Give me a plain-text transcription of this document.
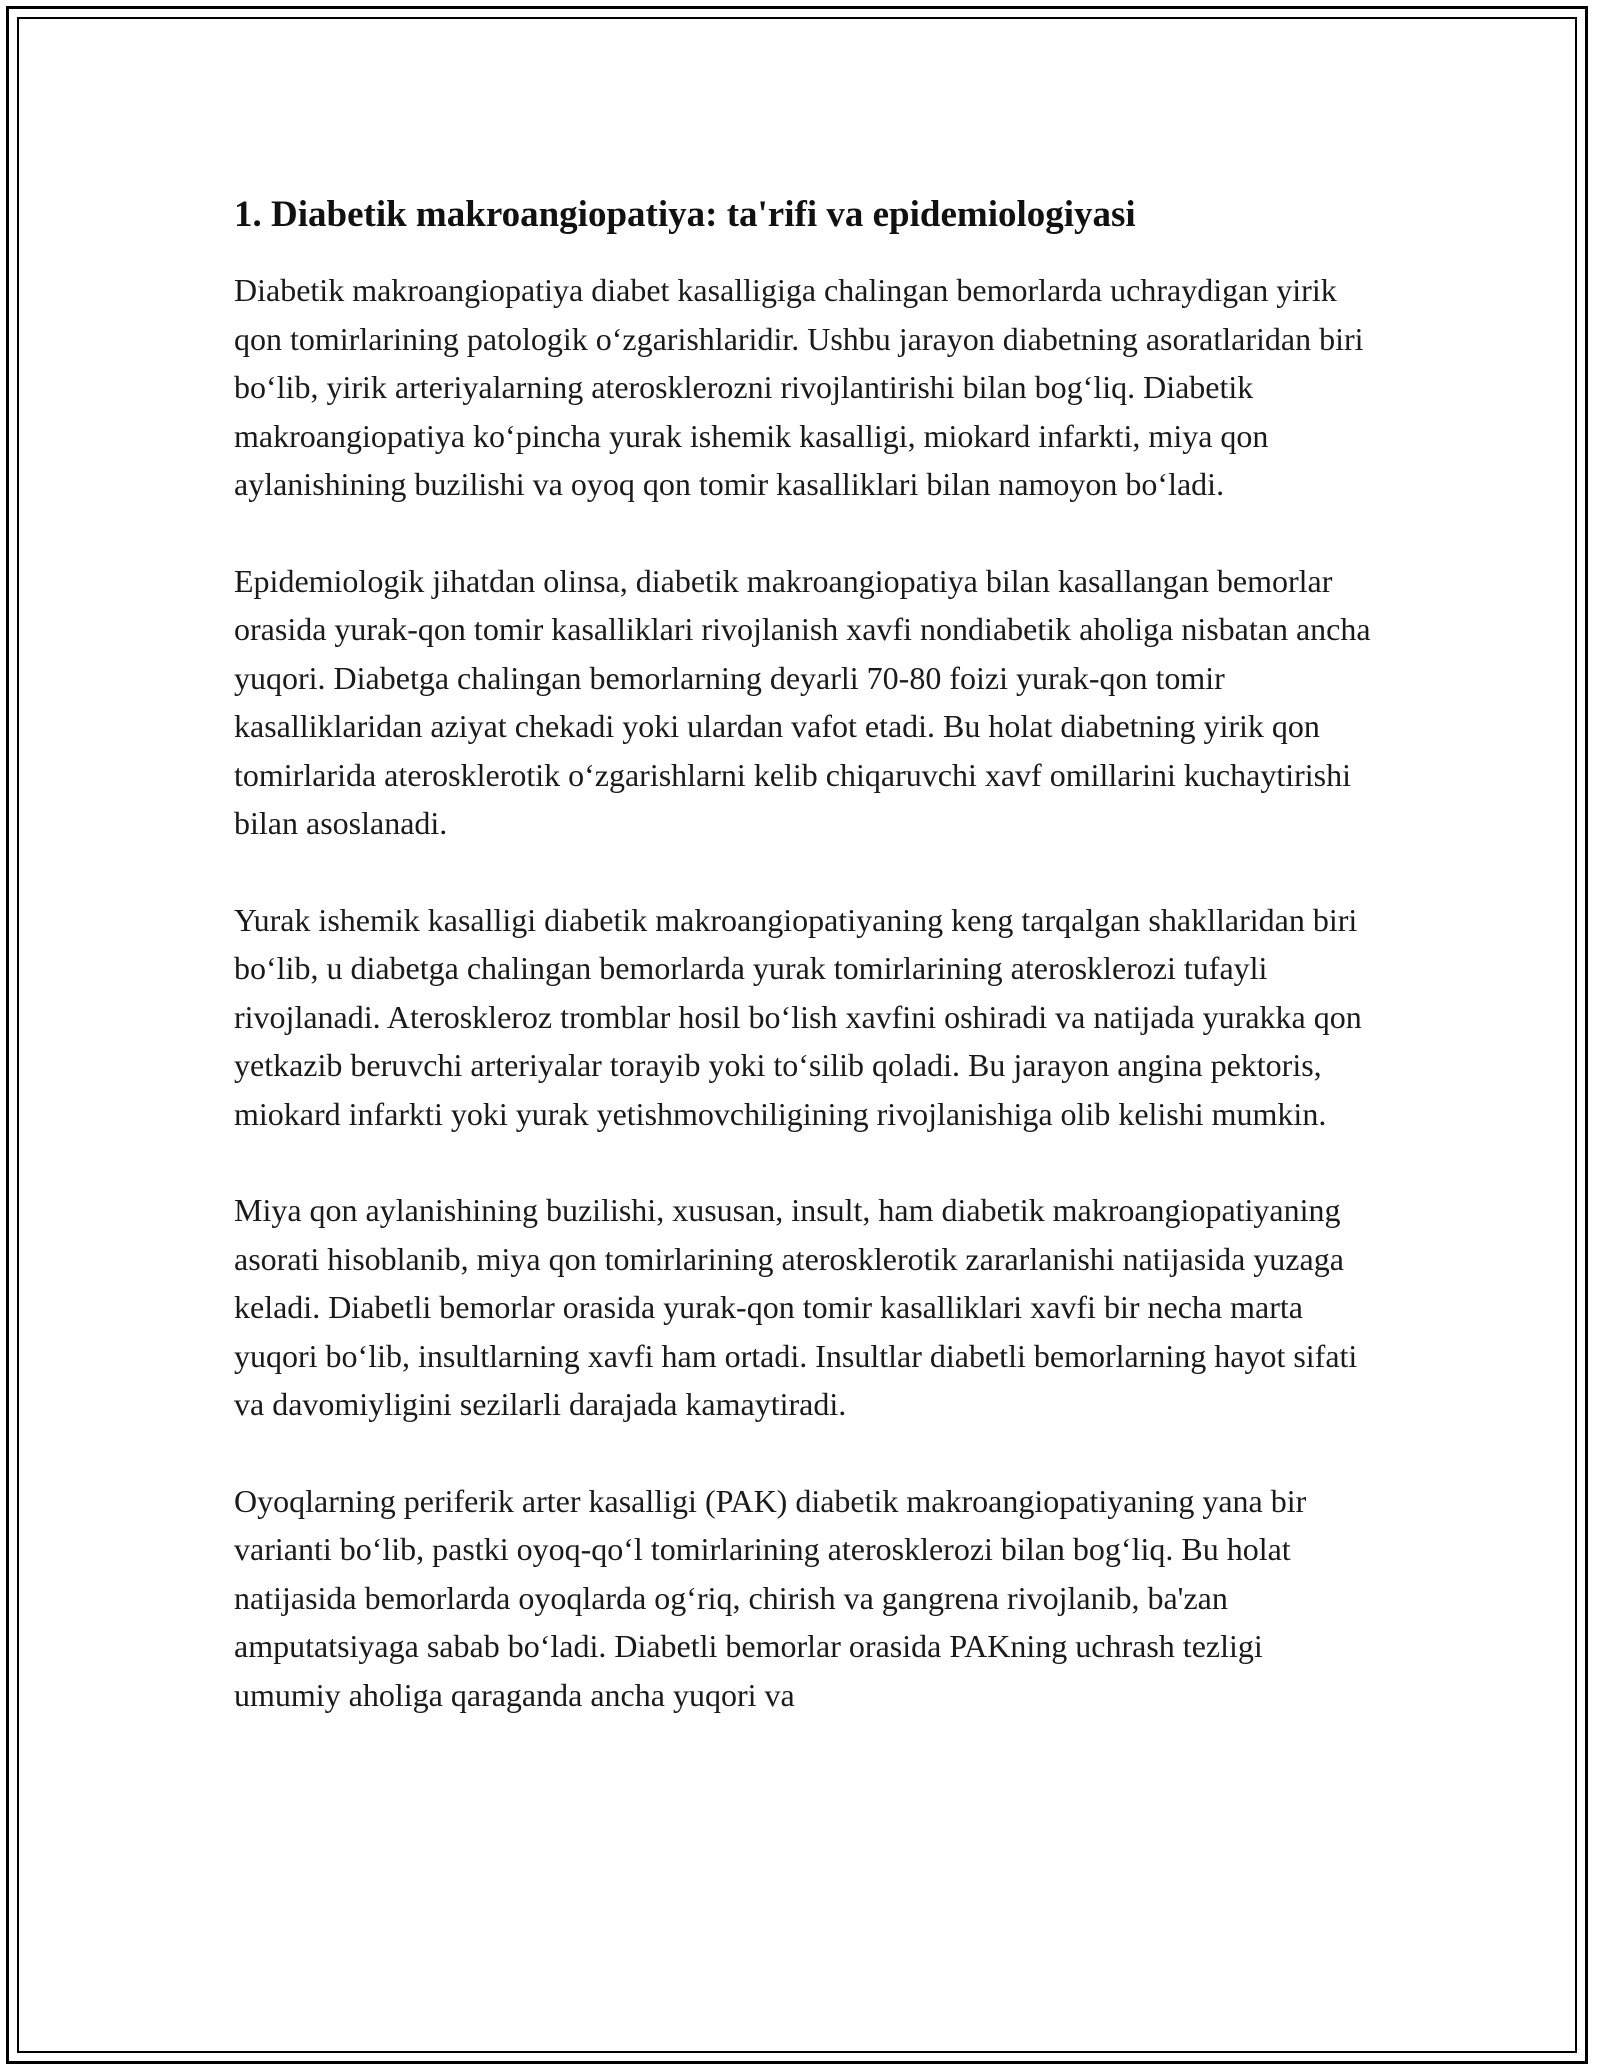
1. Diabetik makroangiopatiya: ta'rifi va epidemiologiyasi

Diabetik makroangiopatiya diabet kasalligiga chalingan bemorlarda uchraydigan yirik qon tomirlarining patologik o‘zgarishlaridir. Ushbu jarayon diabetning asoratlaridan biri bo‘lib, yirik arteriyalarning aterosklerozni rivojlantirishi bilan bog‘liq. Diabetik makroangiopatiya ko‘pincha yurak ishemik kasalligi, miokard infarkti, miya qon aylanishining buzilishi va oyoq qon tomir kasalliklari bilan namoyon bo‘ladi.

Epidemiologik jihatdan olinsa, diabetik makroangiopatiya bilan kasallangan bemorlar orasida yurak-qon tomir kasalliklari rivojlanish xavfi nondiabetik aholiga nisbatan ancha yuqori. Diabetga chalingan bemorlarning deyarli 70-80 foizi yurak-qon tomir kasalliklaridan aziyat chekadi yoki ulardan vafot etadi. Bu holat diabetning yirik qon tomirlarida aterosklerotik o‘zgarishlarni kelib chiqaruvchi xavf omillarini kuchaytirishi bilan asoslanadi.

Yurak ishemik kasalligi diabetik makroangiopatiyaning keng tarqalgan shakllaridan biri bo‘lib, u diabetga chalingan bemorlarda yurak tomirlarining aterosklerozi tufayli rivojlanadi. Ateroskleroz tromblar hosil bo‘lish xavfini oshiradi va natijada yurakka qon yetkazib beruvchi arteriyalar torayib yoki to‘silib qoladi. Bu jarayon angina pektoris, miokard infarkti yoki yurak yetishmovchiligining rivojlanishiga olib kelishi mumkin.

Miya qon aylanishining buzilishi, xususan, insult, ham diabetik makroangiopatiyaning asorati hisoblanib, miya qon tomirlarining aterosklerotik zararlanishi natijasida yuzaga keladi. Diabetli bemorlar orasida yurak-qon tomir kasalliklari xavfi bir necha marta yuqori bo‘lib, insultlarning xavfi ham ortadi. Insultlar diabetli bemorlarning hayot sifati va davomiyligini sezilarli darajada kamaytiradi.

Oyoqlarning periferik arter kasalligi (PAK) diabetik makroangiopatiyaning yana bir varianti bo‘lib, pastki oyoq-qo‘l tomirlarining aterosklerozi bilan bog‘liq. Bu holat natijasida bemorlarda oyoqlarda og‘riq, chirish va gangrena rivojlanib, ba'zan amputatsiyaga sabab bo‘ladi. Diabetli bemorlar orasida PAKning uchrash tezligi umumiy aholiga qaraganda ancha yuqori va
